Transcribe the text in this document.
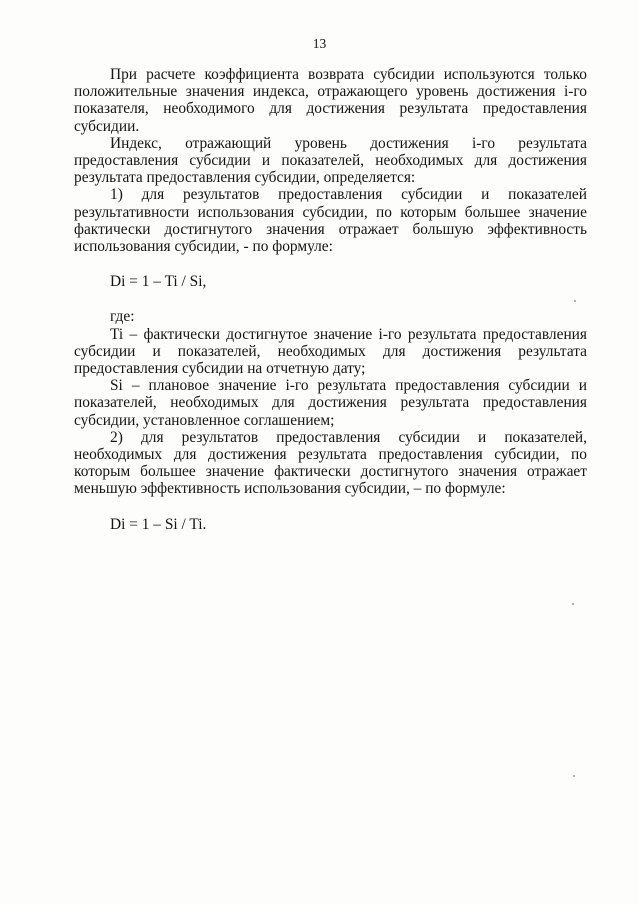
13

При расчете коэффициента возврата субсидии используются только положительные значения индекса, отражающего уровень достижения i-го показателя, необходимого для достижения результата предоставления субсидии.

Индекс, отражающий уровень достижения i-го результата предоставления субсидии и показателей, необходимых для достижения результата предоставления субсидии, определяется:

1) для результатов предоставления субсидии и показателей результативности использования субсидии, по которым большее значение фактически достигнутого значения отражает большую эффективность использования субсидии, - по формуле:

Di = 1 – Ti / Si,

где:

Ti – фактически достигнутое значение i-го результата предоставления субсидии и показателей, необходимых для достижения результата предоставления субсидии на отчетную дату;

Si – плановое значение i-го результата предоставления субсидии и показателей, необходимых для достижения результата предоставления субсидии, установленное соглашением;

2) для результатов предоставления субсидии и показателей, необходимых для достижения результата предоставления субсидии, по которым большее значение фактически достигнутого значения отражает меньшую эффективность использования субсидии, – по формуле:

Di = 1 – Si / Ti.
